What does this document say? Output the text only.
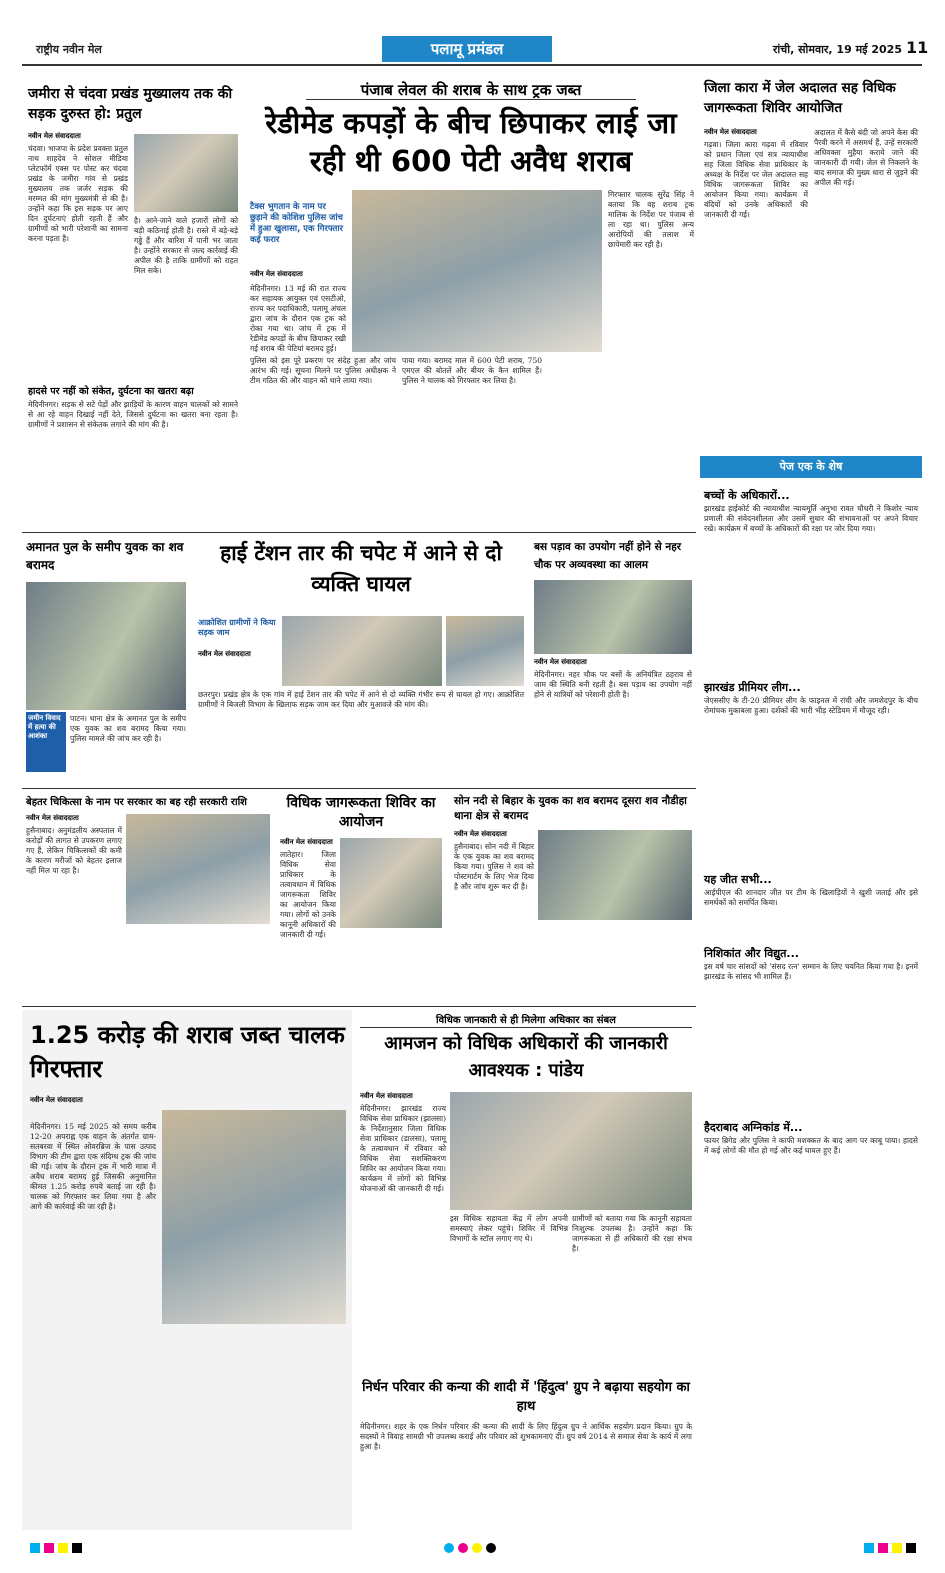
राष्ट्रीय नवीन मेल	पलामू प्रमंडल	रांची, सोमवार, 19 मई 2025 11
जमीरा से चंदवा प्रखंड मुख्यालय तक की सड़क दुरुस्त हो: प्रतुल
नवीन मेल संवाददाता
चंदवा। भाजपा के प्रदेश प्रवक्ता प्रतुल नाथ शाहदेव ने सोशल मीडिया प्लेटफॉर्म एक्स पर पोस्ट कर चंदवा प्रखंड के जमीरा गांव से प्रखंड मुख्यालय तक जर्जर सड़क की मरम्मत की मांग मुख्यमंत्री से की है। उन्होंने कहा कि इस सड़क पर आए दिन दुर्घटनाएं होती रहती हैं और ग्रामीणों को भारी परेशानी का सामना करना पड़ता है।
है। आने-जाने वाले हजारों लोगों को बड़ी कठिनाई होती है। रास्ते में बड़े-बड़े गड्ढे हैं और बारिश में पानी भर जाता है। उन्होंने सरकार से जल्द कार्रवाई की अपील की है ताकि ग्रामीणों को राहत मिल सके।
हादसे पर नहीं को संकेत, दुर्घटना का खतरा बढ़ा
मेदिनीनगर। सड़क से सटे पेड़ों और झाड़ियों के कारण वाहन चालकों को सामने से आ रहे वाहन दिखाई नहीं देते, जिससे दुर्घटना का खतरा बना रहता है। ग्रामीणों ने प्रशासन से संकेतक लगाने की मांग की है।
पंजाब लेवल की शराब के साथ ट्रक जब्त
रेडीमेड कपड़ों के बीच छिपाकर लाई जा रही थी 600 पेटी अवैध शराब
टैक्स भुगतान के नाम पर छुड़ाने की कोशिश पुलिस जांच में हुआ खुलासा, एक गिरफ्तार कई फरार
नवीन मेल संवाददाता
मेदिनीनगर। 13 मई की रात राज्य कर सहायक आयुक्त एवं एसटीओ, राज्य कर पदाधिकारी, पलामू अंचल द्वारा जांच के दौरान एक ट्रक को रोका गया था। जांच में ट्रक में रेडीमेड कपड़ों के बीच छिपाकर रखी गई शराब की पेटियां बरामद हुई।
पुलिस को इस पूरे प्रकरण पर संदेह हुआ और जांच आरंभ की गई। सूचना मिलने पर पुलिस अधीक्षक ने टीम गठित की और वाहन को थाने लाया गया।
पाया गया। बरामद माल में 600 पेटी शराब, 750 एमएल की बोतलें और बीयर के कैन शामिल हैं। पुलिस ने चालक को गिरफ्तार कर लिया है।
गिरफ्तार चालक सुरेंद्र सिंह ने बताया कि वह शराब ट्रक मालिक के निर्देश पर पंजाब से ला रहा था। पुलिस अन्य आरोपियों की तलाश में छापेमारी कर रही है।
जिला कारा में जेल अदालत सह विधिक जागरूकता शिविर आयोजित
नवीन मेल संवाददाता
गढ़वा। जिला कारा गढ़वा में रविवार को प्रधान जिला एवं सत्र न्यायाधीश सह जिला विधिक सेवा प्राधिकार के अध्यक्ष के निर्देश पर जेल अदालत सह विधिक जागरूकता शिविर का आयोजन किया गया। कार्यक्रम में बंदियों को उनके अधिकारों की जानकारी दी गई।
अदालत में कैसे बंदी जो अपने केस की पैरवी करने में असमर्थ हैं, उन्हें सरकारी अधिवक्ता मुहैया कराये जाने की जानकारी दी गयी। जेल से निकलने के बाद समाज की मुख्य धारा से जुड़ने की अपील की गई।
पेज एक के शेष
बच्चों के अधिकारों...
झारखंड हाईकोर्ट की न्यायाधीश न्यायमूर्ति अनुभा रावत चौधरी ने किशोर न्याय प्रणाली की संवेदनशीलता और उसमें सुधार की संभावनाओं पर अपने विचार रखे। कार्यक्रम में बच्चों के अधिकारों की रक्षा पर जोर दिया गया।
झारखंड प्रीमियर लीग...
जेएससीए के टी-20 प्रीमियर लीग के फाइनल में रांची और जमशेदपुर के बीच रोमांचक मुकाबला हुआ। दर्शकों की भारी भीड़ स्टेडियम में मौजूद रही।
यह जीत सभी...
आईपीएल की शानदार जीत पर टीम के खिलाड़ियों ने खुशी जताई और इसे समर्थकों को समर्पित किया।
निशिकांत और विद्युत...
इस वर्ष चार सांसदों को 'संसद रत्न' सम्मान के लिए चयनित किया गया है। इनमें झारखंड के सांसद भी शामिल हैं।
हैदराबाद अग्निकांड में...
फायर ब्रिगेड और पुलिस ने काफी मशक्कत के बाद आग पर काबू पाया। हादसे में कई लोगों की मौत हो गई और कई घायल हुए हैं।
अमानत पुल के समीप युवक का शव बरामद
जमीन विवाद में हत्या की आशंका
पाटन। थाना क्षेत्र के अमानत पुल के समीप एक युवक का शव बरामद किया गया। पुलिस मामले की जांच कर रही है।
हाई टेंशन तार की चपेट में आने से दो व्यक्ति घायल
आक्रोशित ग्रामीणों ने किया सड़क जाम
नवीन मेल संवाददाता
छतरपुर। प्रखंड क्षेत्र के एक गांव में हाई टेंशन तार की चपेट में आने से दो व्यक्ति गंभीर रूप से घायल हो गए। आक्रोशित ग्रामीणों ने बिजली विभाग के खिलाफ सड़क जाम कर दिया और मुआवजे की मांग की।
बस पड़ाव का उपयोग नहीं होने से नहर चौक पर अव्यवस्था का आलम
नवीन मेल संवाददाता
मेदिनीनगर। नहर चौक पर बसों के अनियंत्रित ठहराव से जाम की स्थिति बनी रहती है। बस पड़ाव का उपयोग नहीं होने से यात्रियों को परेशानी होती है।
बेहतर चिकित्सा के नाम पर सरकार का बह रही सरकारी राशि
नवीन मेल संवाददाता
हुसैनाबाद। अनुमंडलीय अस्पताल में करोड़ों की लागत से उपकरण लगाए गए हैं, लेकिन चिकित्सकों की कमी के कारण मरीजों को बेहतर इलाज नहीं मिल पा रहा है।
विधिक जागरूकता शिविर का आयोजन
नवीन मेल संवाददाता
लातेहार। जिला विधिक सेवा प्राधिकार के तत्वावधान में विधिक जागरूकता शिविर का आयोजन किया गया। लोगों को उनके कानूनी अधिकारों की जानकारी दी गई।
सोन नदी से बिहार के युवक का शव बरामद दूसरा शव नौडीहा थाना क्षेत्र से बरामद
नवीन मेल संवाददाता
हुसैनाबाद। सोन नदी में बिहार के एक युवक का शव बरामद किया गया। पुलिस ने शव को पोस्टमार्टम के लिए भेज दिया है और जांच शुरू कर दी है।
1.25 करोड़ की शराब जब्त चालक गिरफ्तार
नवीन मेल संवाददाता
मेदिनीनगर। 15 मई 2025 को समय करीब 12-20 अपराह्न एक वाहन के अंतर्गत ग्राम-सतबरवा में स्थित ओवरब्रिज के पास उत्पाद विभाग की टीम द्वारा एक संदिग्ध ट्रक की जांच की गई। जांच के दौरान ट्रक में भारी मात्रा में अवैध शराब बरामद हुई जिसकी अनुमानित कीमत 1.25 करोड़ रुपये बताई जा रही है। चालक को गिरफ्तार कर लिया गया है और आगे की कार्रवाई की जा रही है।
विधिक जानकारी से ही मिलेगा अधिकार का संबल
आमजन को विधिक अधिकारों की जानकारी आवश्यक : पांडेय
नवीन मेल संवाददाता
मेदिनीनगर। झारखंड राज्य विधिक सेवा प्राधिकार (झालसा) के निर्देशानुसार जिला विधिक सेवा प्राधिकार (डालसा), पलामू के तत्वावधान में रविवार को विधिक सेवा सशक्तिकरण शिविर का आयोजन किया गया। कार्यक्रम में लोगों को विभिन्न योजनाओं की जानकारी दी गई।
इस विधिक सहायता केंद्र में लोग अपनी समस्याएं लेकर पहुंचे। शिविर में विभिन्न विभागों के स्टॉल लगाए गए थे।
ग्रामीणों को बताया गया कि कानूनी सहायता निःशुल्क उपलब्ध है। उन्होंने कहा कि जागरूकता से ही अधिकारों की रक्षा संभव है।
निर्धन परिवार की कन्या की शादी में 'हिंदुत्व' ग्रुप ने बढ़ाया सहयोग का हाथ
मेदिनीनगर। शहर के एक निर्धन परिवार की कन्या की शादी के लिए हिंदुत्व ग्रुप ने आर्थिक सहयोग प्रदान किया। ग्रुप के सदस्यों ने विवाह सामग्री भी उपलब्ध कराई और परिवार को शुभकामनाएं दीं। ग्रुप वर्ष 2014 से समाज सेवा के कार्य में लगा हुआ है।
